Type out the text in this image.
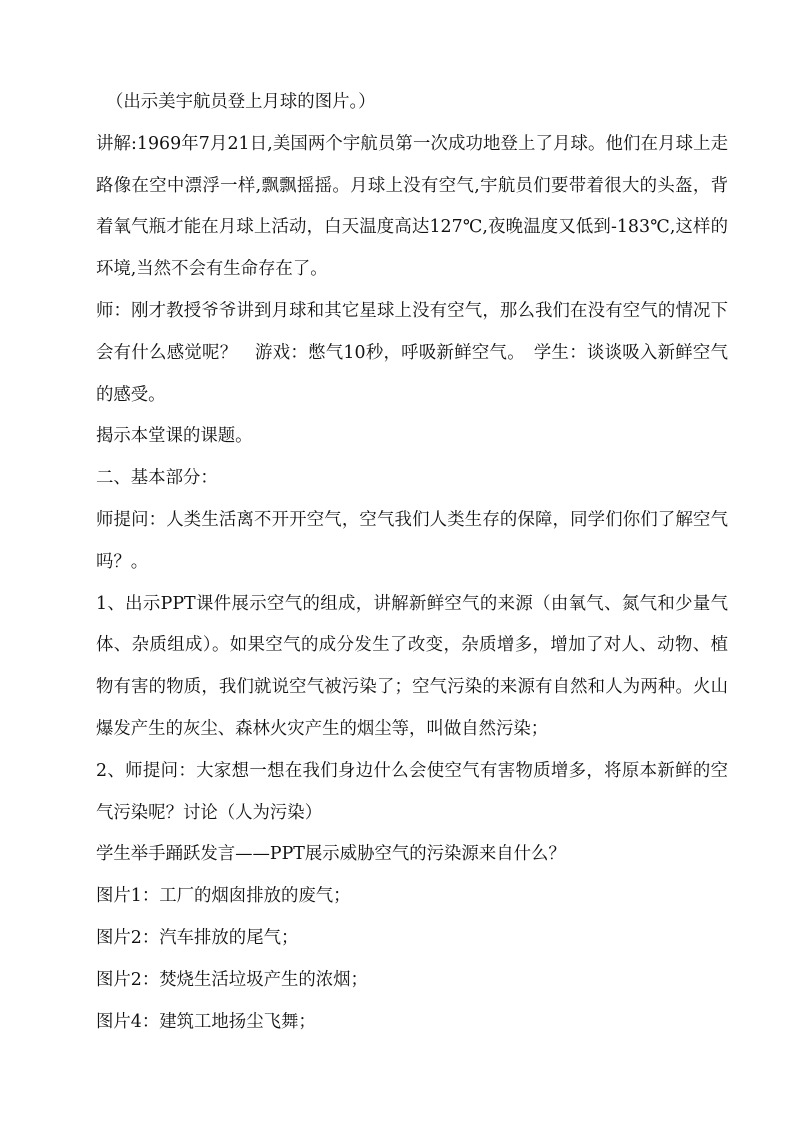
（出示美宇航员登上月球的图片。）

讲解:1969年7月21日,美国两个宇航员第一次成功地登上了月球。他们在月球上走路像在空中漂浮一样,飘飘摇摇。月球上没有空气,宇航员们要带着很大的头盔，背着氧气瓶才能在月球上活动，白天温度高达127℃,夜晚温度又低到-183℃,这样的环境,当然不会有生命存在了。

师：刚才教授爷爷讲到月球和其它星球上没有空气，那么我们在没有空气的情况下会有什么感觉呢？　游戏：憋气10秒，呼吸新鲜空气。　学生：谈谈吸入新鲜空气的感受。

揭示本堂课的课题。

二、基本部分：

师提问：人类生活离不开开空气，空气我们人类生存的保障，同学们你们了解空气吗？。

1、出示PPT课件展示空气的组成，讲解新鲜空气的来源（由氧气、氮气和少量气体、杂质组成）。如果空气的成分发生了改变，杂质增多，增加了对人、动物、植物有害的物质，我们就说空气被污染了；空气污染的来源有自然和人为两种。火山爆发产生的灰尘、森林火灾产生的烟尘等，叫做自然污染；

2、师提问：大家想一想在我们身边什么会使空气有害物质增多，将原本新鲜的空气污染呢？讨论（人为污染）

学生举手踊跃发言——PPT展示威胁空气的污染源来自什么？

图片1：工厂的烟囱排放的废气；

图片2：汽车排放的尾气；

图片2：焚烧生活垃圾产生的浓烟；

图片4：建筑工地扬尘飞舞；
